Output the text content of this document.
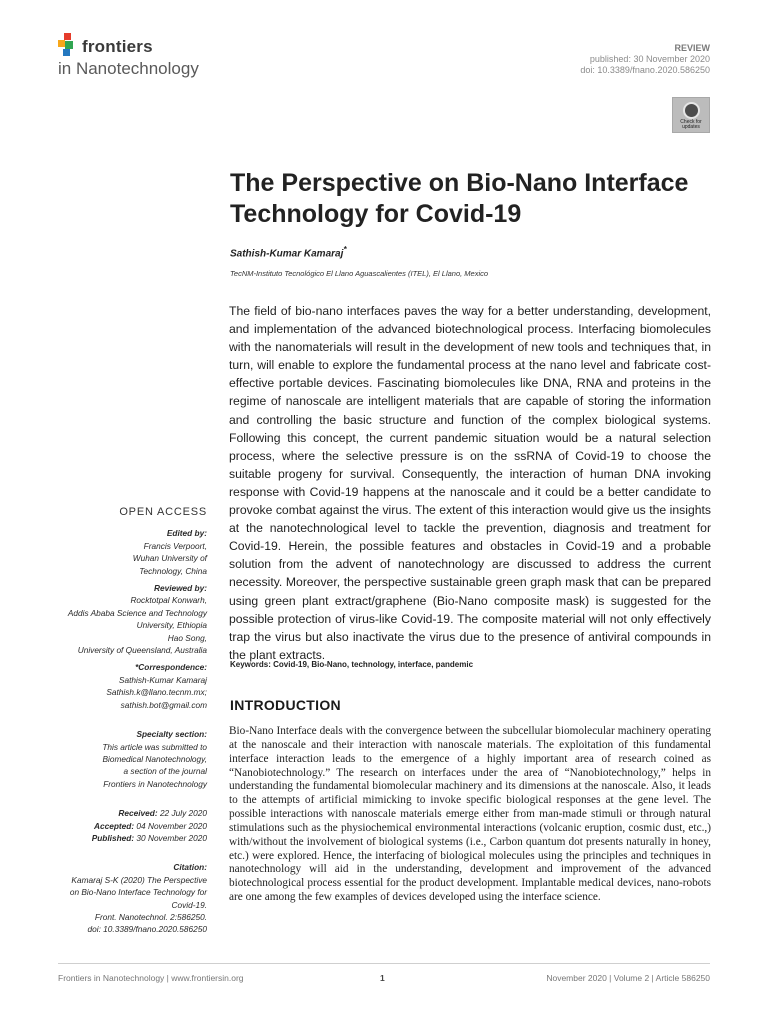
frontiers
in Nanotechnology
REVIEW
published: 30 November 2020
doi: 10.3389/fnano.2020.586250
Check for updates
The Perspective on Bio-Nano Interface Technology for Covid-19
Sathish-Kumar Kamaraj*
TecNM-Instituto Tecnológico El Llano Aguascalientes (ITEL), El Llano, Mexico

The field of bio-nano interfaces paves the way for a better understanding, development, and implementation of the advanced biotechnological process. Interfacing biomolecules with the nanomaterials will result in the development of new tools and techniques that, in turn, will enable to explore the fundamental process at the nano level and fabricate cost-effective portable devices. Fascinating biomolecules like DNA, RNA and proteins in the regime of nanoscale are intelligent materials that are capable of storing the information and controlling the basic structure and function of the complex biological systems. Following this concept, the current pandemic situation would be a natural selection process, where the selective pressure is on the ssRNA of Covid-19 to choose the suitable progeny for survival. Consequently, the interaction of human DNA invoking response with Covid-19 happens at the nanoscale and it could be a better candidate to provoke combat against the virus. The extent of this interaction would give us the insights at the nanotechnological level to tackle the prevention, diagnosis and treatment for Covid-19. Herein, the possible features and obstacles in Covid-19 and a probable solution from the advent of nanotechnology are discussed to address the current necessity. Moreover, the perspective sustainable green graph mask that can be prepared using green plant extract/graphene (Bio-Nano composite mask) is suggested for the possible protection of virus-like Covid-19. The composite material will not only effectively trap the virus but also inactivate the virus due to the presence of antiviral compounds in the plant extracts.

Keywords: Covid-19, Bio-Nano, technology, interface, pandemic
INTRODUCTION

Bio-Nano Interface deals with the convergence between the subcellular biomolecular machinery operating at the nanoscale and their interaction with nanoscale materials. The exploitation of this fundamental interface interaction leads to the emergence of a highly important area of research coined as “Nanobiotechnology.” The research on interfaces under the area of “Nanobiotechnology,” helps in understanding the fundamental biomolecular machinery and its dimensions at the nanoscale. Also, it leads to the attempts of artificial mimicking to invoke specific biological responses at the gene level. The possible interactions with nanoscale materials emerge either from man-made stimuli or through natural stimulations such as the physiochemical environmental interactions (volcanic eruption, cosmic dust, etc.,) with/without the involvement of biological systems (i.e., Carbon quantum dot presents naturally in honey, etc.) were explored. Hence, the interfacing of biological molecules using the principles and techniques in nanotechnology will aid in the understanding, development and improvement of the advanced biotechnological process essential for the product development. Implantable medical devices, nano-robots are one among the few examples of devices developed using the interface science.

OPEN ACCESS
Edited by:
Francis Verpoort,
Wuhan University of
Technology, China
Reviewed by:
Rocktotpal Konwarh,
Addis Ababa Science and Technology
University, Ethiopia
Hao Song,
University of Queensland, Australia
*Correspondence:
Sathish-Kumar Kamaraj
Sathish.k@llano.tecnm.mx;
sathish.bot@gmail.com
Specialty section:
This article was submitted to
Biomedical Nanotechnology,
a section of the journal
Frontiers in Nanotechnology
Received: 22 July 2020
Accepted: 04 November 2020
Published: 30 November 2020
Citation:
Kamaraj S-K (2020) The Perspective
on Bio-Nano Interface Technology for
Covid-19.
Front. Nanotechnol. 2:586250.
doi: 10.3389/fnano.2020.586250
Frontiers in Nanotechnology | www.frontiersin.org	1	November 2020 | Volume 2 | Article 586250
